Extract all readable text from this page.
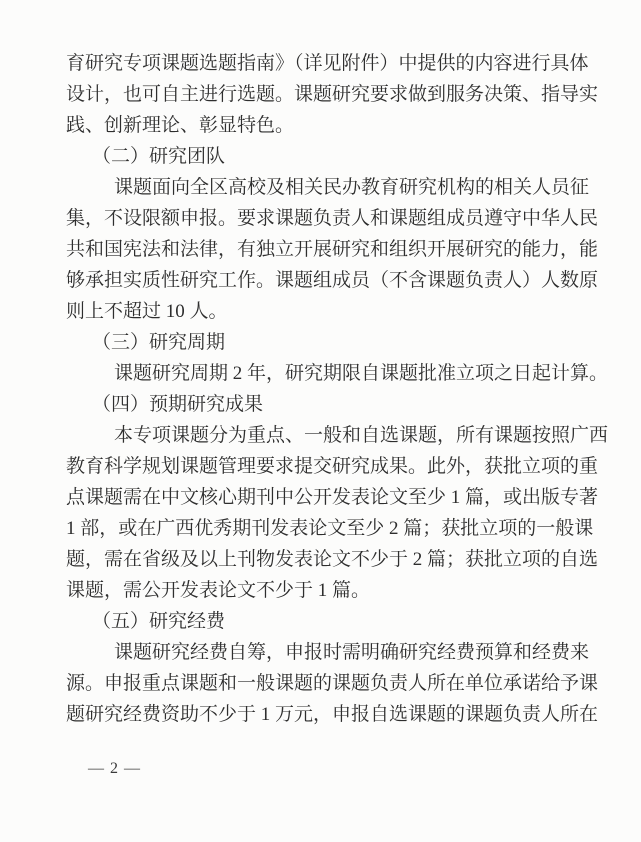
育研究专项课题选题指南》（详见附件）中提供的内容进行具体
设计，也可自主进行选题。课题研究要求做到服务决策、指导实
践、创新理论、彰显特色。
（二）研究团队
课题面向全区高校及相关民办教育研究机构的相关人员征
集，不设限额申报。要求课题负责人和课题组成员遵守中华人民
共和国宪法和法律，有独立开展研究和组织开展研究的能力，能
够承担实质性研究工作。课题组成员（不含课题负责人）人数原
则上不超过 10 人。
（三）研究周期
课题研究周期 2 年，研究期限自课题批准立项之日起计算。
（四）预期研究成果
本专项课题分为重点、一般和自选课题，所有课题按照广西
教育科学规划课题管理要求提交研究成果。此外，获批立项的重
点课题需在中文核心期刊中公开发表论文至少 1 篇，或出版专著
1 部，或在广西优秀期刊发表论文至少 2 篇；获批立项的一般课
题，需在省级及以上刊物发表论文不少于 2 篇；获批立项的自选
课题，需公开发表论文不少于 1 篇。
（五）研究经费
课题研究经费自筹，申报时需明确研究经费预算和经费来
源。申报重点课题和一般课题的课题负责人所在单位承诺给予课
题研究经费资助不少于 1 万元，申报自选课题的课题负责人所在
— 2 —
